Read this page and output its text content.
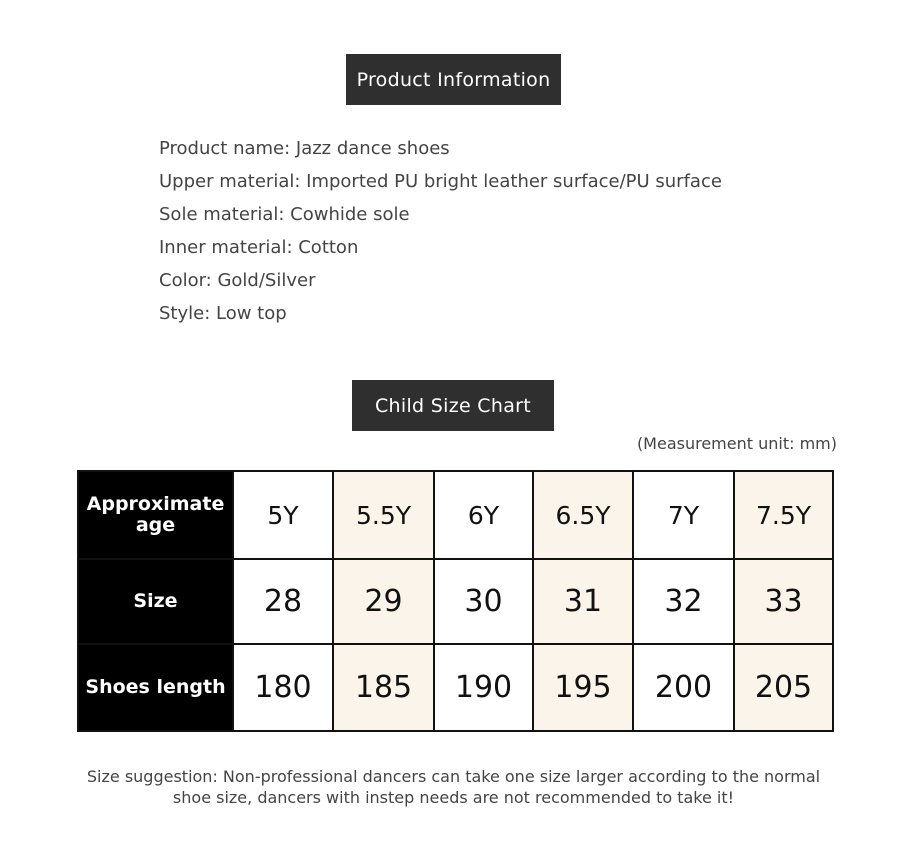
Product Information
Product name: Jazz dance shoes
Upper material: Imported PU bright leather surface/PU surface
Sole material: Cowhide sole
Inner material: Cotton
Color: Gold/Silver
Style: Low top
Child Size Chart
(Measurement unit: mm)
Approximate age	5Y	5.5Y	6Y	6.5Y	7Y	7.5Y
Size	28	29	30	31	32	33
Shoes length	180	185	190	195	200	205
Size suggestion: Non-professional dancers can take one size larger according to the normal
shoe size, dancers with instep needs are not recommended to take it!
